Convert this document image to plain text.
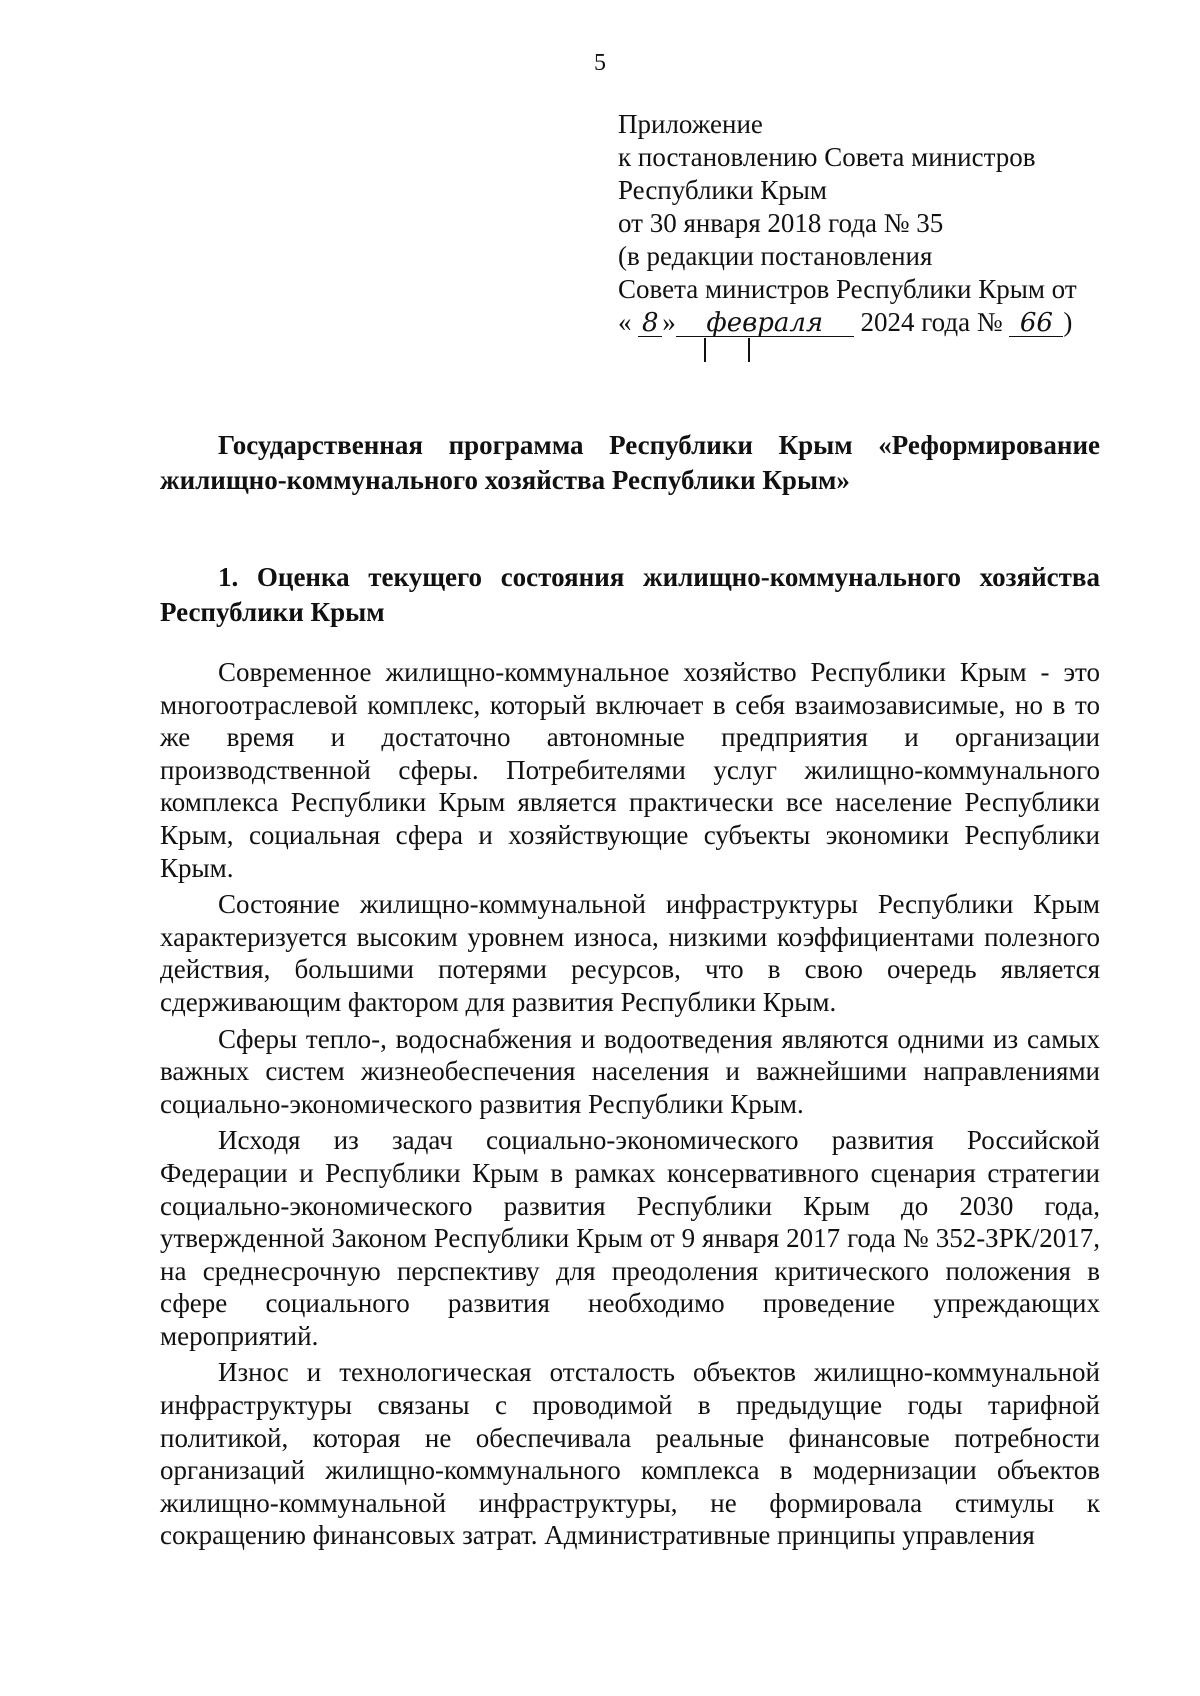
5
Приложение
к постановлению Совета министров
Республики Крым
от 30 января 2018 года № 35
(в редакции постановления
Совета министров Республики Крым от
« 8 » февраля
2024 года № 66 )
Государственная программа Республики Крым «Реформирование жилищно-коммунального хозяйства Республики Крым»
1. Оценка текущего состояния жилищно-коммунального хозяйства Республики Крым

Современное жилищно-коммунальное хозяйство Республики Крым - это многоотраслевой комплекс, который включает в себя взаимозависимые, но в то же время и достаточно автономные предприятия и организации производственной сферы. Потребителями услуг жилищно-коммунального комплекса Республики Крым является практически все население Республики Крым, социальная сфера и хозяйствующие субъекты экономики Республики Крым.

Состояние жилищно-коммунальной инфраструктуры Республики Крым характеризуется высоким уровнем износа, низкими коэффициентами полезного действия, большими потерями ресурсов, что в свою очередь является сдерживающим фактором для развития Республики Крым.

Сферы тепло-, водоснабжения и водоотведения являются одними из самых важных систем жизнеобеспечения населения и важнейшими направлениями социально-экономического развития Республики Крым.

Исходя из задач социально-экономического развития Российской Федерации и Республики Крым в рамках консервативного сценария стратегии социально-экономического развития Республики Крым до 2030 года, утвержденной Законом Республики Крым от 9 января 2017 года № 352-ЗРК/2017, на среднесрочную перспективу для преодоления критического положения в сфере социального развития необходимо проведение упреждающих мероприятий.

Износ и технологическая отсталость объектов жилищно-коммунальной инфраструктуры связаны с проводимой в предыдущие годы тарифной политикой, которая не обеспечивала реальные финансовые потребности организаций жилищно-коммунального комплекса в модернизации объектов жилищно-коммунальной инфраструктуры, не формировала стимулы к сокращению финансовых затрат. Административные принципы управления
